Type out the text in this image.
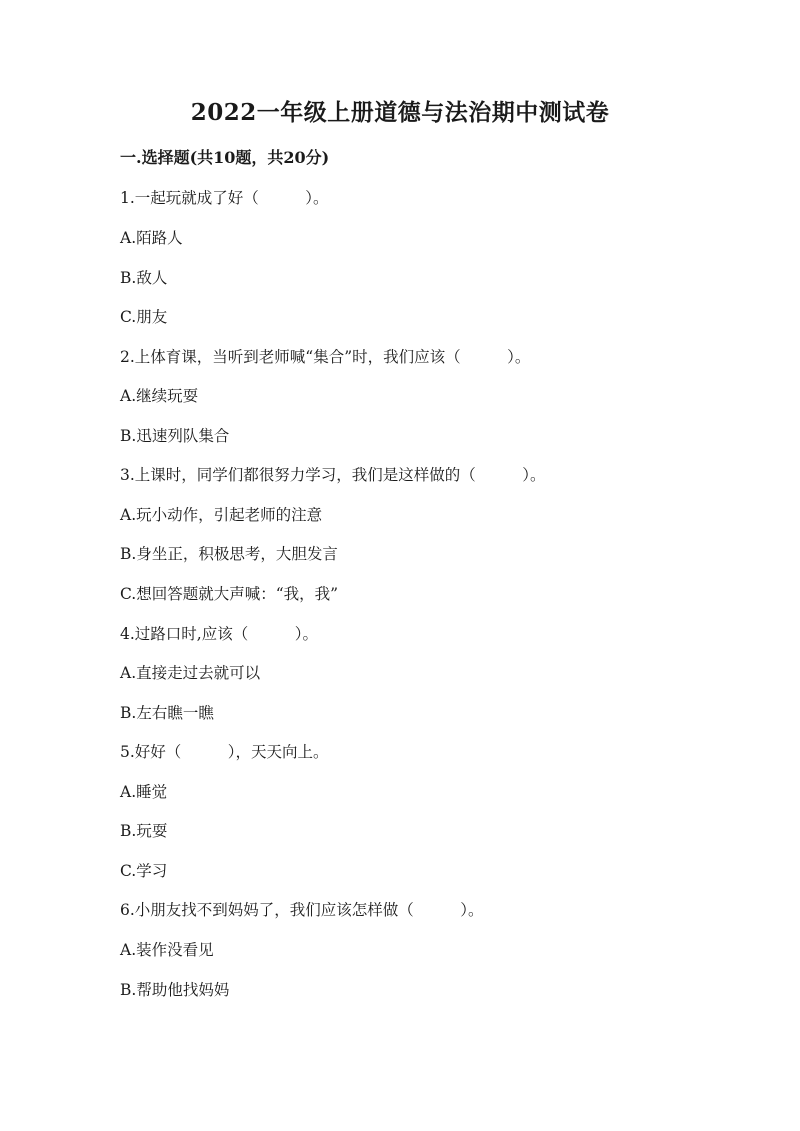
2022一年级上册道德与法治期中测试卷
一.选择题(共10题，共20分)
1.一起玩就成了好（　　　）。
A.陌路人
B.敌人
C.朋友
2.上体育课，当听到老师喊“集合”时，我们应该（　　　）。
A.继续玩耍
B.迅速列队集合
3.上课时，同学们都很努力学习，我们是这样做的（　　　）。
A.玩小动作，引起老师的注意
B.身坐正，积极思考，大胆发言
C.想回答题就大声喊：“我，我”
4.过路口时,应该（　　　）。
A.直接走过去就可以
B.左右瞧一瞧
5.好好（　　　），天天向上。
A.睡觉
B.玩耍
C.学习
6.小朋友找不到妈妈了，我们应该怎样做（　　　）。
A.装作没看见
B.帮助他找妈妈
